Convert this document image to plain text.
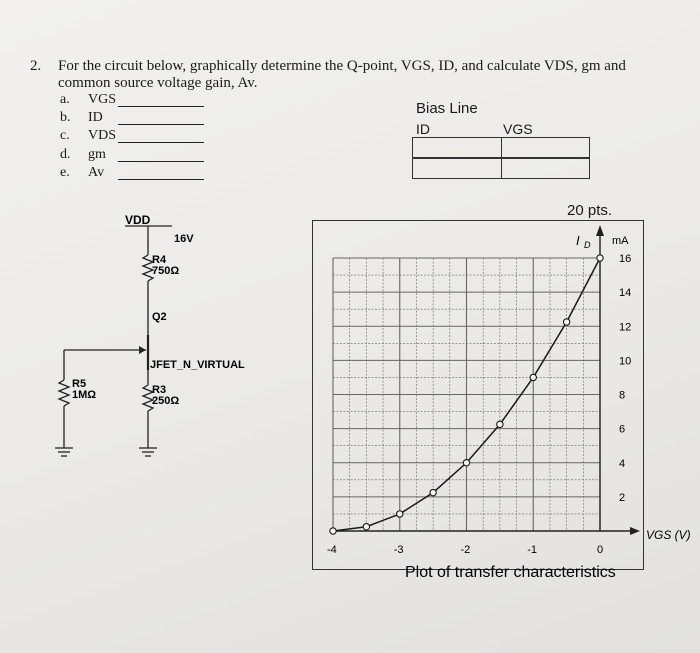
2. For the circuit below, graphically determine the Q-point, VGS, ID, and calculate VDS, gm and common source voltage gain, Av.
a. VGS
b. ID
c. VDS
d. gm
e. Av
Bias Line
ID	VGS
20 pts.
VDD
16V
R4
750Ω
Q2
JFET_N_VIRTUAL
R5
1MΩ	R3
250Ω
-4	-3	-2	-1	0
2
4
6
8
10
12
14
16
I D mA
VGS (V)
Plot of transfer characteristics
